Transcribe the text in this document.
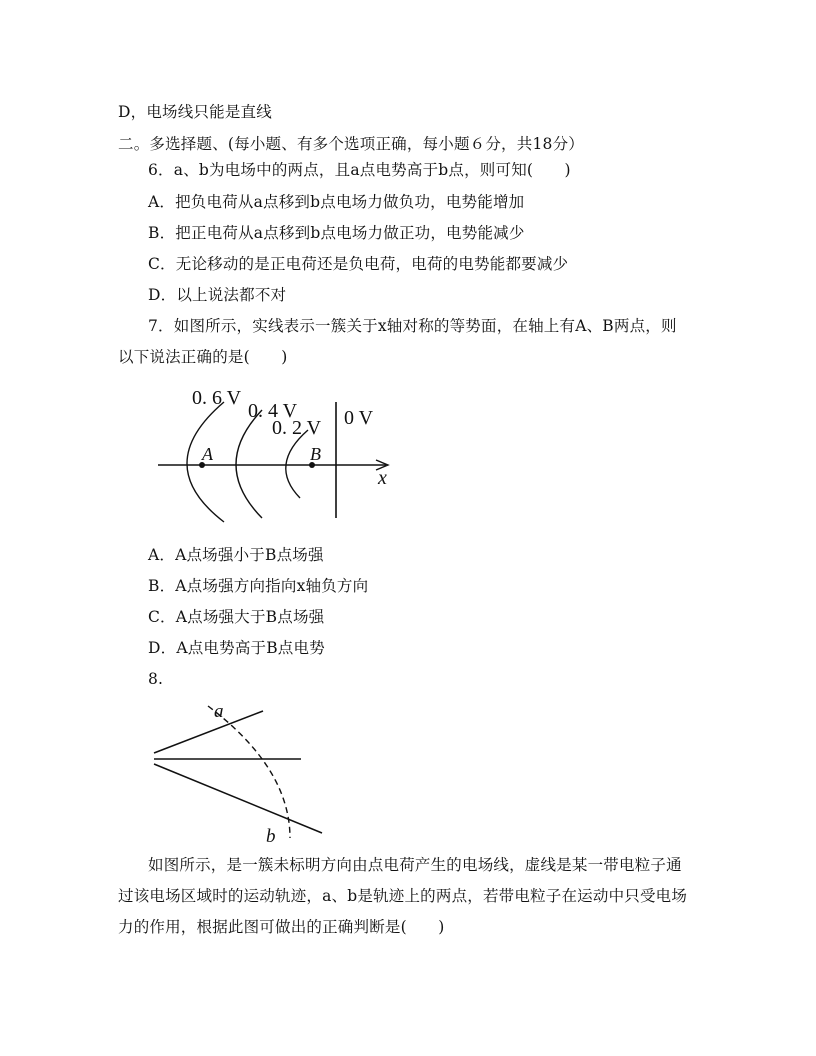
D，电场线只能是直线
二。多选择题、(每小题、有多个选项正确，每小题６分，共18分）
6．a、b为电场中的两点，且a点电势高于b点，则可知(　　)
A．把负电荷从a点移到b点电场力做负功，电势能增加
B．把正电荷从a点移到b点电场力做正功，电势能减少
C．无论移动的是正电荷还是负电荷，电荷的电势能都要减少
D．以上说法都不对
7．如图所示，实线表示一簇关于x轴对称的等势面，在轴上有A、B两点，则
以下说法正确的是(　　)
0. 6 V
0. 4 V
0. 2 V 0 V
A	B
x
A．A点场强小于B点场强
B．A点场强方向指向x轴负方向
C．A点场强大于B点场强
D．A点电势高于B点电势
8.
a
b
如图所示，是一簇未标明方向由点电荷产生的电场线，虚线是某一带电粒子通
过该电场区域时的运动轨迹，a、b是轨迹上的两点，若带电粒子在运动中只受电场
力的作用，根据此图可做出的正确判断是(　　)
